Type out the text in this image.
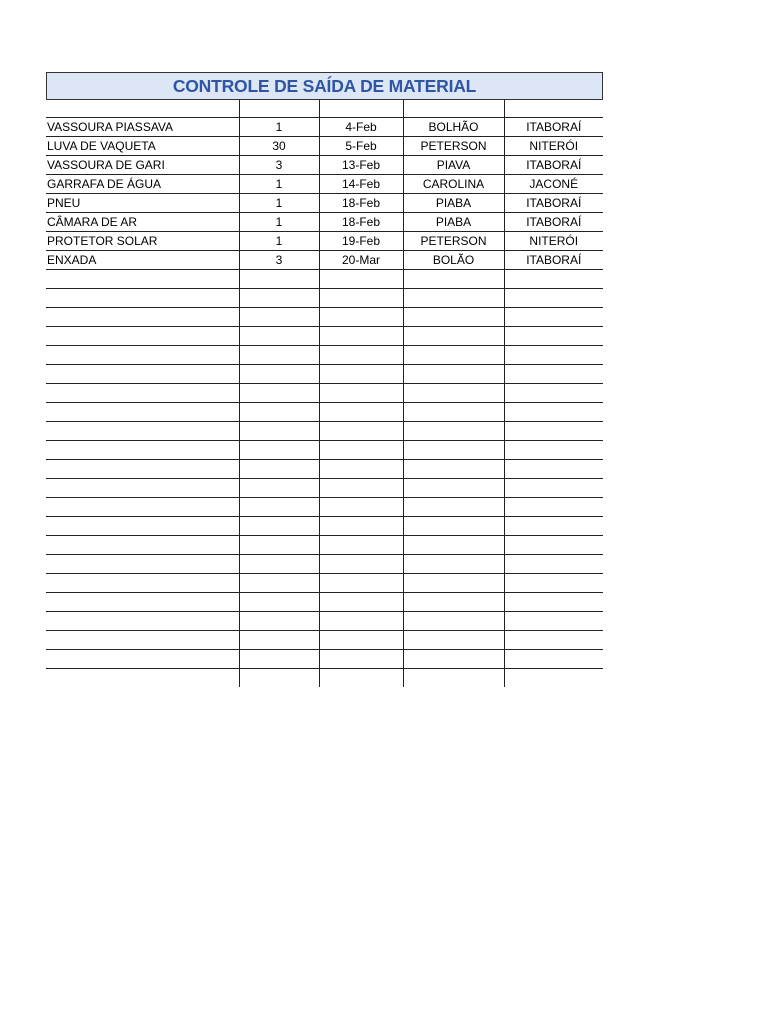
CONTROLE DE SAÍDA DE MATERIAL

VASSOURA PIASSAVA	1	4-Feb	BOLHÃO	ITABORAÍ
LUVA DE VAQUETA	30	5-Feb	PETERSON	NITERÓI
VASSOURA DE GARI	3	13-Feb	PIAVA	ITABORAÍ
GARRAFA DE ÁGUA	1	14-Feb	CAROLINA	JACONÉ
PNEU	1	18-Feb	PIABA	ITABORAÍ
CÂMARA DE AR	1	18-Feb	PIABA	ITABORAÍ
PROTETOR SOLAR	1	19-Feb	PETERSON	NITERÓI
ENXADA	3	20-Mar	BOLÃO	ITABORAÍ
